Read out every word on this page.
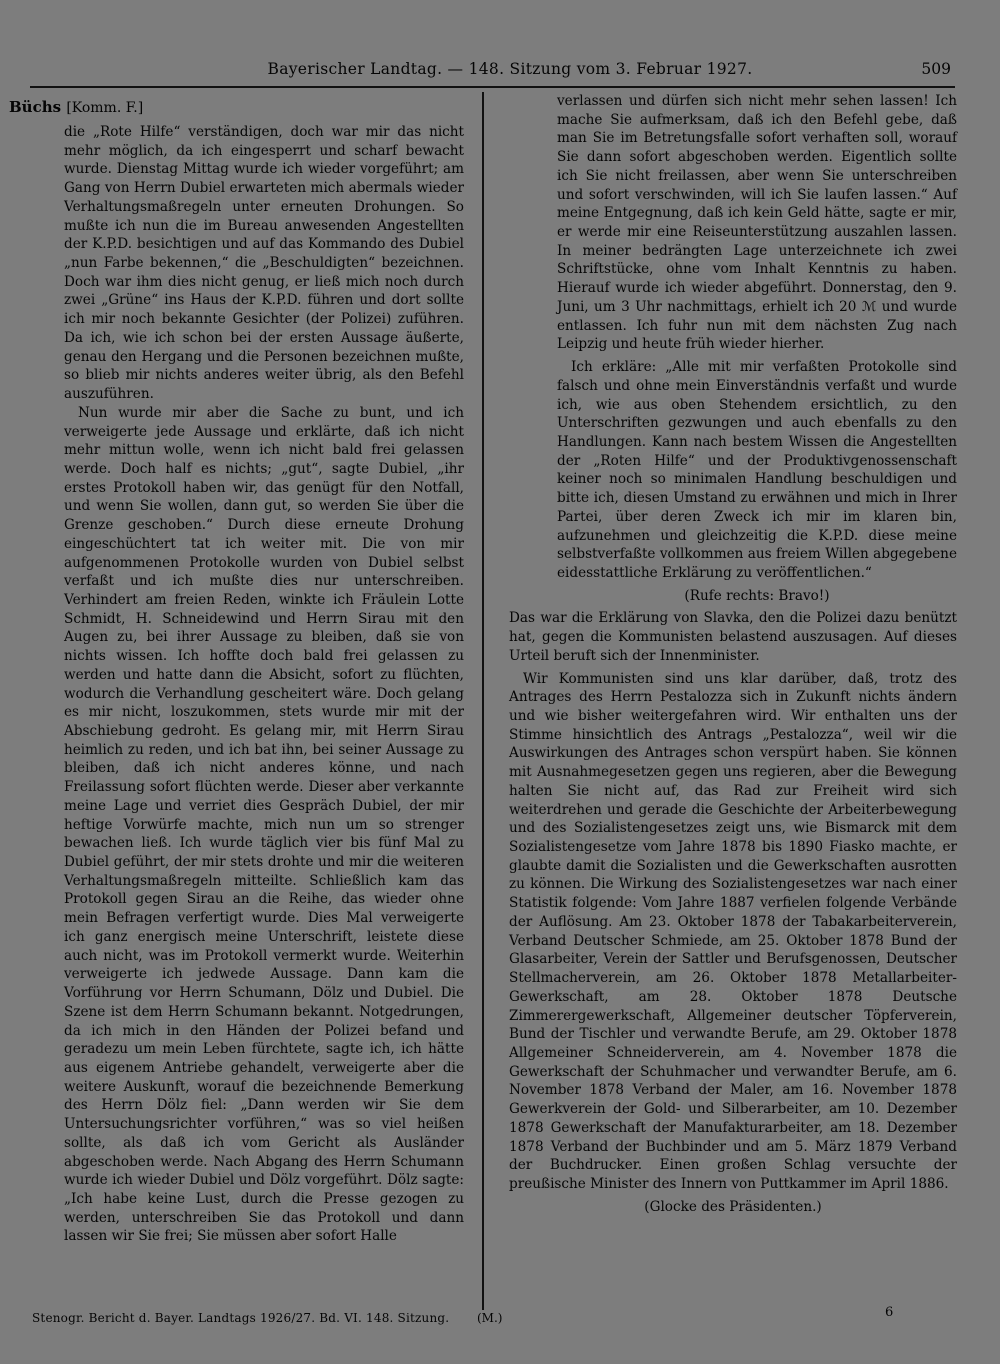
Bayerischer Landtag. — 148. Sitzung vom 3. Februar 1927.	509

Büchs [Komm. F.]

die „Rote Hilfe“ verständigen, doch war mir das nicht mehr möglich, da ich eingesperrt und scharf bewacht wurde. Dienstag Mittag wurde ich wieder vorgeführt; am Gang von Herrn Dubiel erwarteten mich abermals wieder Verhaltungsmaßregeln unter erneuten Drohungen. So mußte ich nun die im Bureau anwesenden Angestellten der K.P.D. besichtigen und auf das Kommando des Dubiel „nun Farbe bekennen,“ die „Beschuldigten“ bezeichnen. Doch war ihm dies nicht genug, er ließ mich noch durch zwei „Grüne“ ins Haus der K.P.D. führen und dort sollte ich mir noch bekannte Gesichter (der Polizei) zuführen. Da ich, wie ich schon bei der ersten Aussage äußerte, genau den Hergang und die Personen bezeichnen mußte, so blieb mir nichts anderes weiter übrig, als den Befehl auszuführen.

Nun wurde mir aber die Sache zu bunt, und ich verweigerte jede Aussage und erklärte, daß ich nicht mehr mittun wolle, wenn ich nicht bald frei gelassen werde. Doch half es nichts; „gut“, sagte Dubiel, „ihr erstes Protokoll haben wir, das genügt für den Notfall, und wenn Sie wollen, dann gut, so werden Sie über die Grenze geschoben.“ Durch diese erneute Drohung eingeschüchtert tat ich weiter mit. Die von mir aufgenommenen Protokolle wurden von Dubiel selbst verfaßt und ich mußte dies nur unterschreiben. Verhindert am freien Reden, winkte ich Fräulein Lotte Schmidt, H. Schneidewind und Herrn Sirau mit den Augen zu, bei ihrer Aussage zu bleiben, daß sie von nichts wissen. Ich hoffte doch bald frei gelassen zu werden und hatte dann die Absicht, sofort zu flüchten, wodurch die Verhandlung gescheitert wäre. Doch gelang es mir nicht, loszukommen, stets wurde mir mit der Abschiebung gedroht. Es gelang mir, mit Herrn Sirau heimlich zu reden, und ich bat ihn, bei seiner Aussage zu bleiben, daß ich nicht anderes könne, und nach Freilassung sofort flüchten werde. Dieser aber verkannte meine Lage und verriet dies Gespräch Dubiel, der mir heftige Vorwürfe machte, mich nun um so strenger bewachen ließ. Ich wurde täglich vier bis fünf Mal zu Dubiel geführt, der mir stets drohte und mir die weiteren Verhaltungsmaßregeln mitteilte. Schließlich kam das Protokoll gegen Sirau an die Reihe, das wieder ohne mein Befragen verfertigt wurde. Dies Mal verweigerte ich ganz energisch meine Unterschrift, leistete diese auch nicht, was im Protokoll vermerkt wurde. Weiterhin verweigerte ich jedwede Aussage. Dann kam die Vorführung vor Herrn Schumann, Dölz und Dubiel. Die Szene ist dem Herrn Schumann bekannt. Notgedrungen, da ich mich in den Händen der Polizei befand und geradezu um mein Leben fürchtete, sagte ich, ich hätte aus eigenem Antriebe gehandelt, verweigerte aber die weitere Auskunft, worauf die bezeichnende Bemerkung des Herrn Dölz fiel: „Dann werden wir Sie dem Untersuchungsrichter vorführen,“ was so viel heißen sollte, als daß ich vom Gericht als Ausländer abgeschoben werde. Nach Abgang des Herrn Schumann wurde ich wieder Dubiel und Dölz vorgeführt. Dölz sagte: „Ich habe keine Lust, durch die Presse gezogen zu werden, unterschreiben Sie das Protokoll und dann lassen wir Sie frei; Sie müssen aber sofort Halle

verlassen und dürfen sich nicht mehr sehen lassen! Ich mache Sie aufmerksam, daß ich den Befehl gebe, daß man Sie im Betretungsfalle sofort verhaften soll, worauf Sie dann sofort abgeschoben werden. Eigentlich sollte ich Sie nicht freilassen, aber wenn Sie unterschreiben und sofort verschwinden, will ich Sie laufen lassen.“ Auf meine Entgegnung, daß ich kein Geld hätte, sagte er mir, er werde mir eine Reiseunterstützung auszahlen lassen. In meiner bedrängten Lage unterzeichnete ich zwei Schriftstücke, ohne vom Inhalt Kenntnis zu haben. Hierauf wurde ich wieder abgeführt. Donnerstag, den 9. Juni, um 3 Uhr nachmittags, erhielt ich 20 ℳ und wurde entlassen. Ich fuhr nun mit dem nächsten Zug nach Leipzig und heute früh wieder hierher.

Ich erkläre: „Alle mit mir verfaßten Protokolle sind falsch und ohne mein Einverständnis verfaßt und wurde ich, wie aus oben Stehendem ersichtlich, zu den Unterschriften gezwungen und auch ebenfalls zu den Handlungen. Kann nach bestem Wissen die Angestellten der „Roten Hilfe“ und der Produktivgenossenschaft keiner noch so minimalen Handlung beschuldigen und bitte ich, diesen Umstand zu erwähnen und mich in Ihrer Partei, über deren Zweck ich mir im klaren bin, aufzunehmen und gleichzeitig die K.P.D. diese meine selbstverfaßte vollkommen aus freiem Willen abgegebene eidesstattliche Erklärung zu veröffentlichen.“

(Rufe rechts: Bravo!)

Das war die Erklärung von Slavka, den die Polizei dazu benützt hat, gegen die Kommunisten belastend auszusagen. Auf dieses Urteil beruft sich der Innenminister.

Wir Kommunisten sind uns klar darüber, daß, trotz des Antrages des Herrn Pestalozza sich in Zukunft nichts ändern und wie bisher weitergefahren wird. Wir enthalten uns der Stimme hinsichtlich des Antrags „Pestalozza“, weil wir die Auswirkungen des Antrages schon verspürt haben. Sie können mit Ausnahmegesetzen gegen uns regieren, aber die Bewegung halten Sie nicht auf, das Rad zur Freiheit wird sich weiterdrehen und gerade die Geschichte der Arbeiterbewegung und des Sozialistengesetzes zeigt uns, wie Bismarck mit dem Sozialistengesetze vom Jahre 1878 bis 1890 Fiasko machte, er glaubte damit die Sozialisten und die Gewerkschaften ausrotten zu können. Die Wirkung des Sozialistengesetzes war nach einer Statistik folgende: Vom Jahre 1887 verfielen folgende Verbände der Auflösung. Am 23. Oktober 1878 der Tabakarbeiterverein, Verband Deutscher Schmiede, am 25. Oktober 1878 Bund der Glasarbeiter, Verein der Sattler und Berufsgenossen, Deutscher Stellmacherverein, am 26. Oktober 1878 Metallarbeiter-Gewerkschaft, am 28. Oktober 1878 Deutsche Zimmerergewerkschaft, Allgemeiner deutscher Töpferverein, Bund der Tischler und verwandte Berufe, am 29. Oktober 1878 Allgemeiner Schneiderverein, am 4. November 1878 die Gewerkschaft der Schuhmacher und verwandter Berufe, am 6. November 1878 Verband der Maler, am 16. November 1878 Gewerkverein der Gold- und Silberarbeiter, am 10. Dezember 1878 Gewerkschaft der Manufakturarbeiter, am 18. Dezember 1878 Verband der Buchbinder und am 5. März 1879 Verband der Buchdrucker. Einen großen Schlag versuchte der preußische Minister des Innern von Puttkammer im April 1886.

(Glocke des Präsidenten.)

Stenogr. Bericht d. Bayer. Landtags 1926/27. Bd. VI. 148. Sitzung. (M.)	6
